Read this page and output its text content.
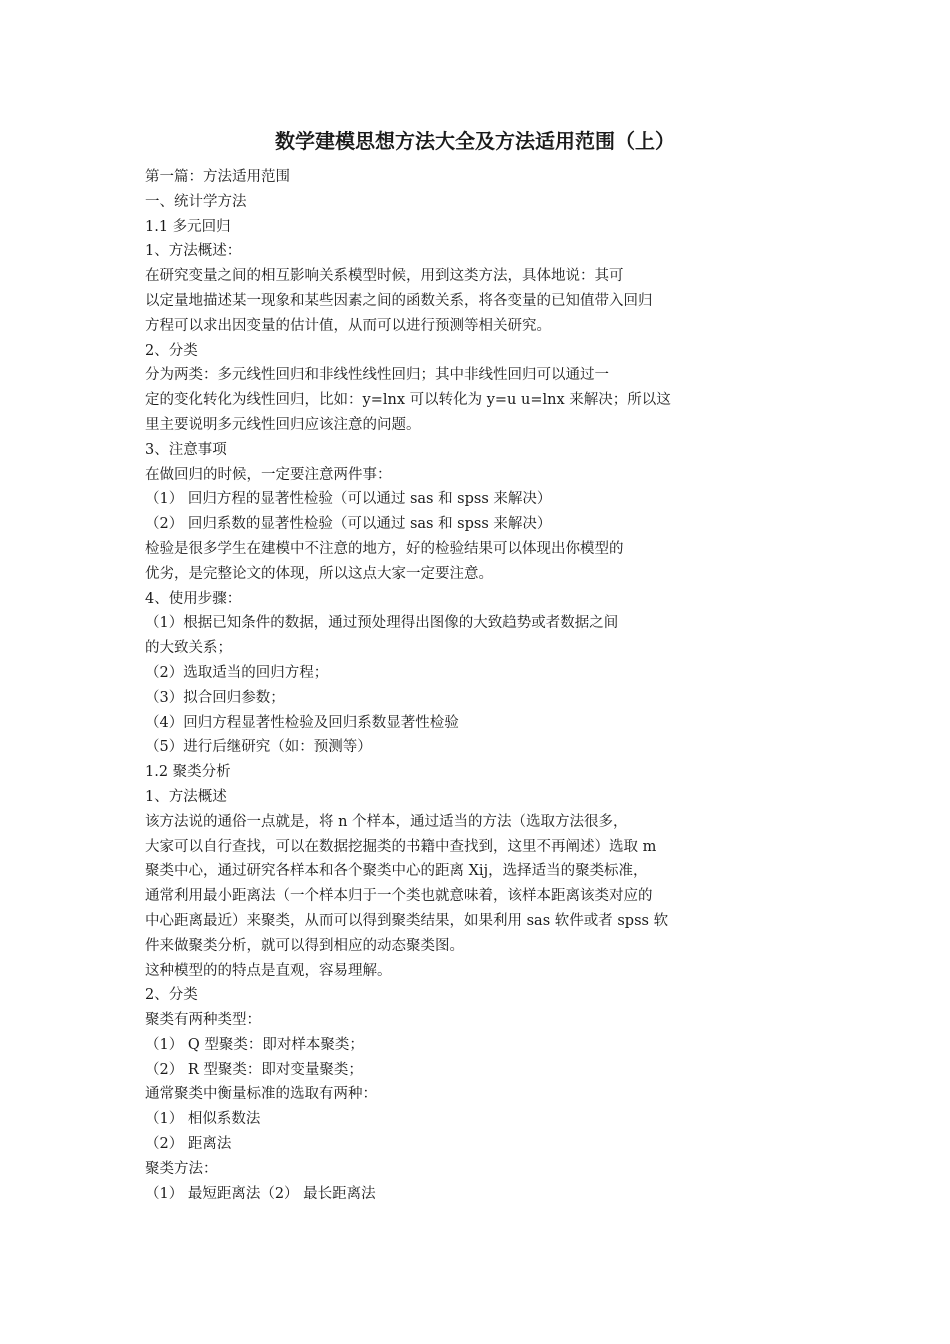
数学建模思想方法大全及方法适用范围（上）

第一篇：方法适用范围

一、统计学方法

1.1 多元回归

1、方法概述：

在研究变量之间的相互影响关系模型时候，用到这类方法，具体地说：其可

以定量地描述某一现象和某些因素之间的函数关系，将各变量的已知值带入回归

方程可以求出因变量的估计值，从而可以进行预测等相关研究。

2、分类

分为两类：多元线性回归和非线性线性回归；其中非线性回归可以通过一

定的变化转化为线性回归，比如：y=lnx 可以转化为 y=u u=lnx 来解决；所以这

里主要说明多元线性回归应该注意的问题。

3、注意事项

在做回归的时候，一定要注意两件事：

（1） 回归方程的显著性检验（可以通过 sas 和 spss 来解决）

（2） 回归系数的显著性检验（可以通过 sas 和 spss 来解决）

检验是很多学生在建模中不注意的地方，好的检验结果可以体现出你模型的

优劣，是完整论文的体现，所以这点大家一定要注意。

4、使用步骤：

（1）根据已知条件的数据，通过预处理得出图像的大致趋势或者数据之间

的大致关系；

（2）选取适当的回归方程；

（3）拟合回归参数；

（4）回归方程显著性检验及回归系数显著性检验

（5）进行后继研究（如：预测等）

1.2 聚类分析

1、方法概述

该方法说的通俗一点就是，将 n 个样本，通过适当的方法（选取方法很多，

大家可以自行查找，可以在数据挖掘类的书籍中查找到，这里不再阐述）选取 m

聚类中心，通过研究各样本和各个聚类中心的距离 Xij，选择适当的聚类标准，

通常利用最小距离法（一个样本归于一个类也就意味着，该样本距离该类对应的

中心距离最近）来聚类，从而可以得到聚类结果，如果利用 sas 软件或者 spss 软

件来做聚类分析，就可以得到相应的动态聚类图。

这种模型的的特点是直观，容易理解。

2、分类

聚类有两种类型：

（1） Q 型聚类：即对样本聚类；

（2） R 型聚类：即对变量聚类；

通常聚类中衡量标准的选取有两种：

（1） 相似系数法

（2） 距离法

聚类方法：

（1） 最短距离法（2） 最长距离法
